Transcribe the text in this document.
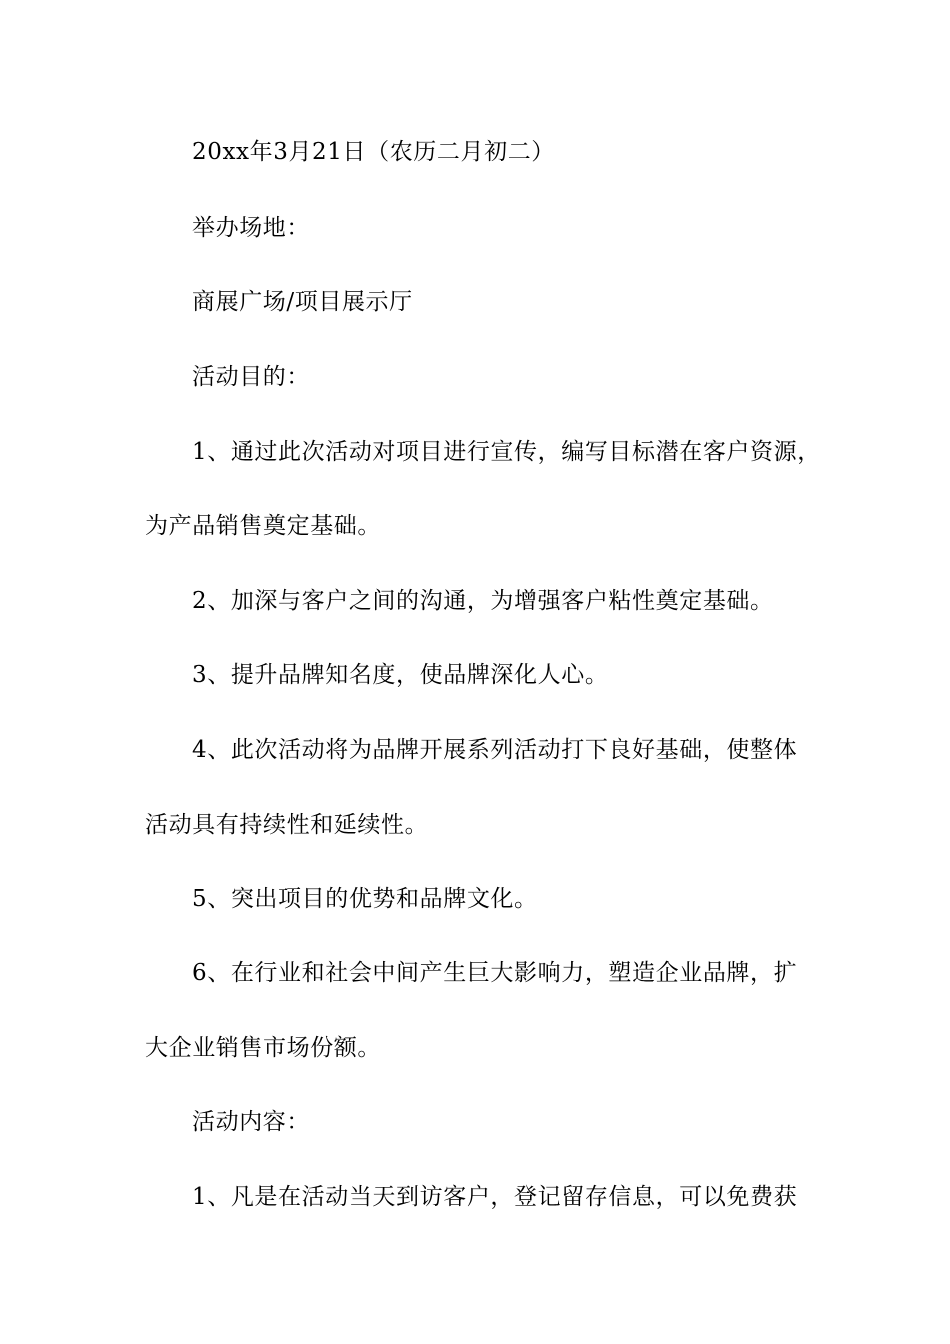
20xx年3月21日（农历二月初二）
举办场地：
商展广场/项目展示厅
活动目的：
1、通过此次活动对项目进行宣传，编写目标潜在客户资源，
为产品销售奠定基础。
2、加深与客户之间的沟通，为增强客户粘性奠定基础。
3、提升品牌知名度，使品牌深化人心。
4、此次活动将为品牌开展系列活动打下良好基础，使整体
活动具有持续性和延续性。
5、突出项目的优势和品牌文化。
6、在行业和社会中间产生巨大影响力，塑造企业品牌，扩
大企业销售市场份额。
活动内容：
1、凡是在活动当天到访客户，登记留存信息，可以免费获
